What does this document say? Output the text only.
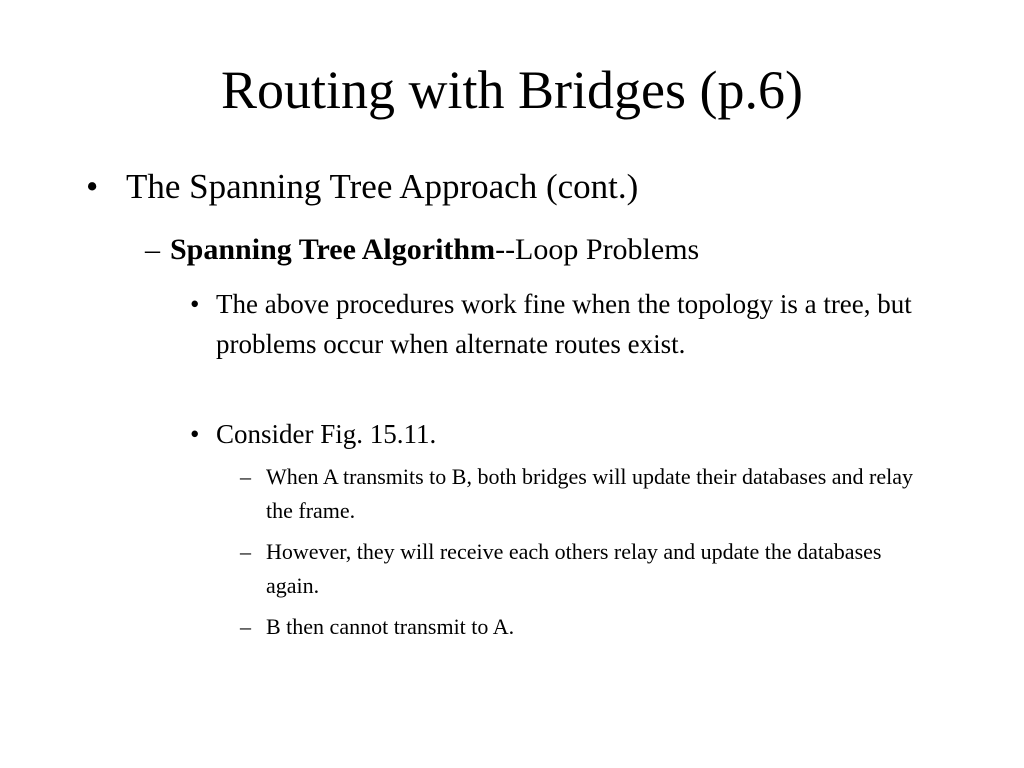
Routing with Bridges (p.6)
• The Spanning Tree Approach (cont.)
– Spanning Tree Algorithm--Loop Problems
• The above procedures work fine when the topology is a tree, but problems occur when alternate routes exist.
• Consider Fig. 15.11.
– When A transmits to B, both bridges will update their databases and relay the frame.
– However, they will receive each others relay and update the databases again.
– B then cannot transmit to A.
